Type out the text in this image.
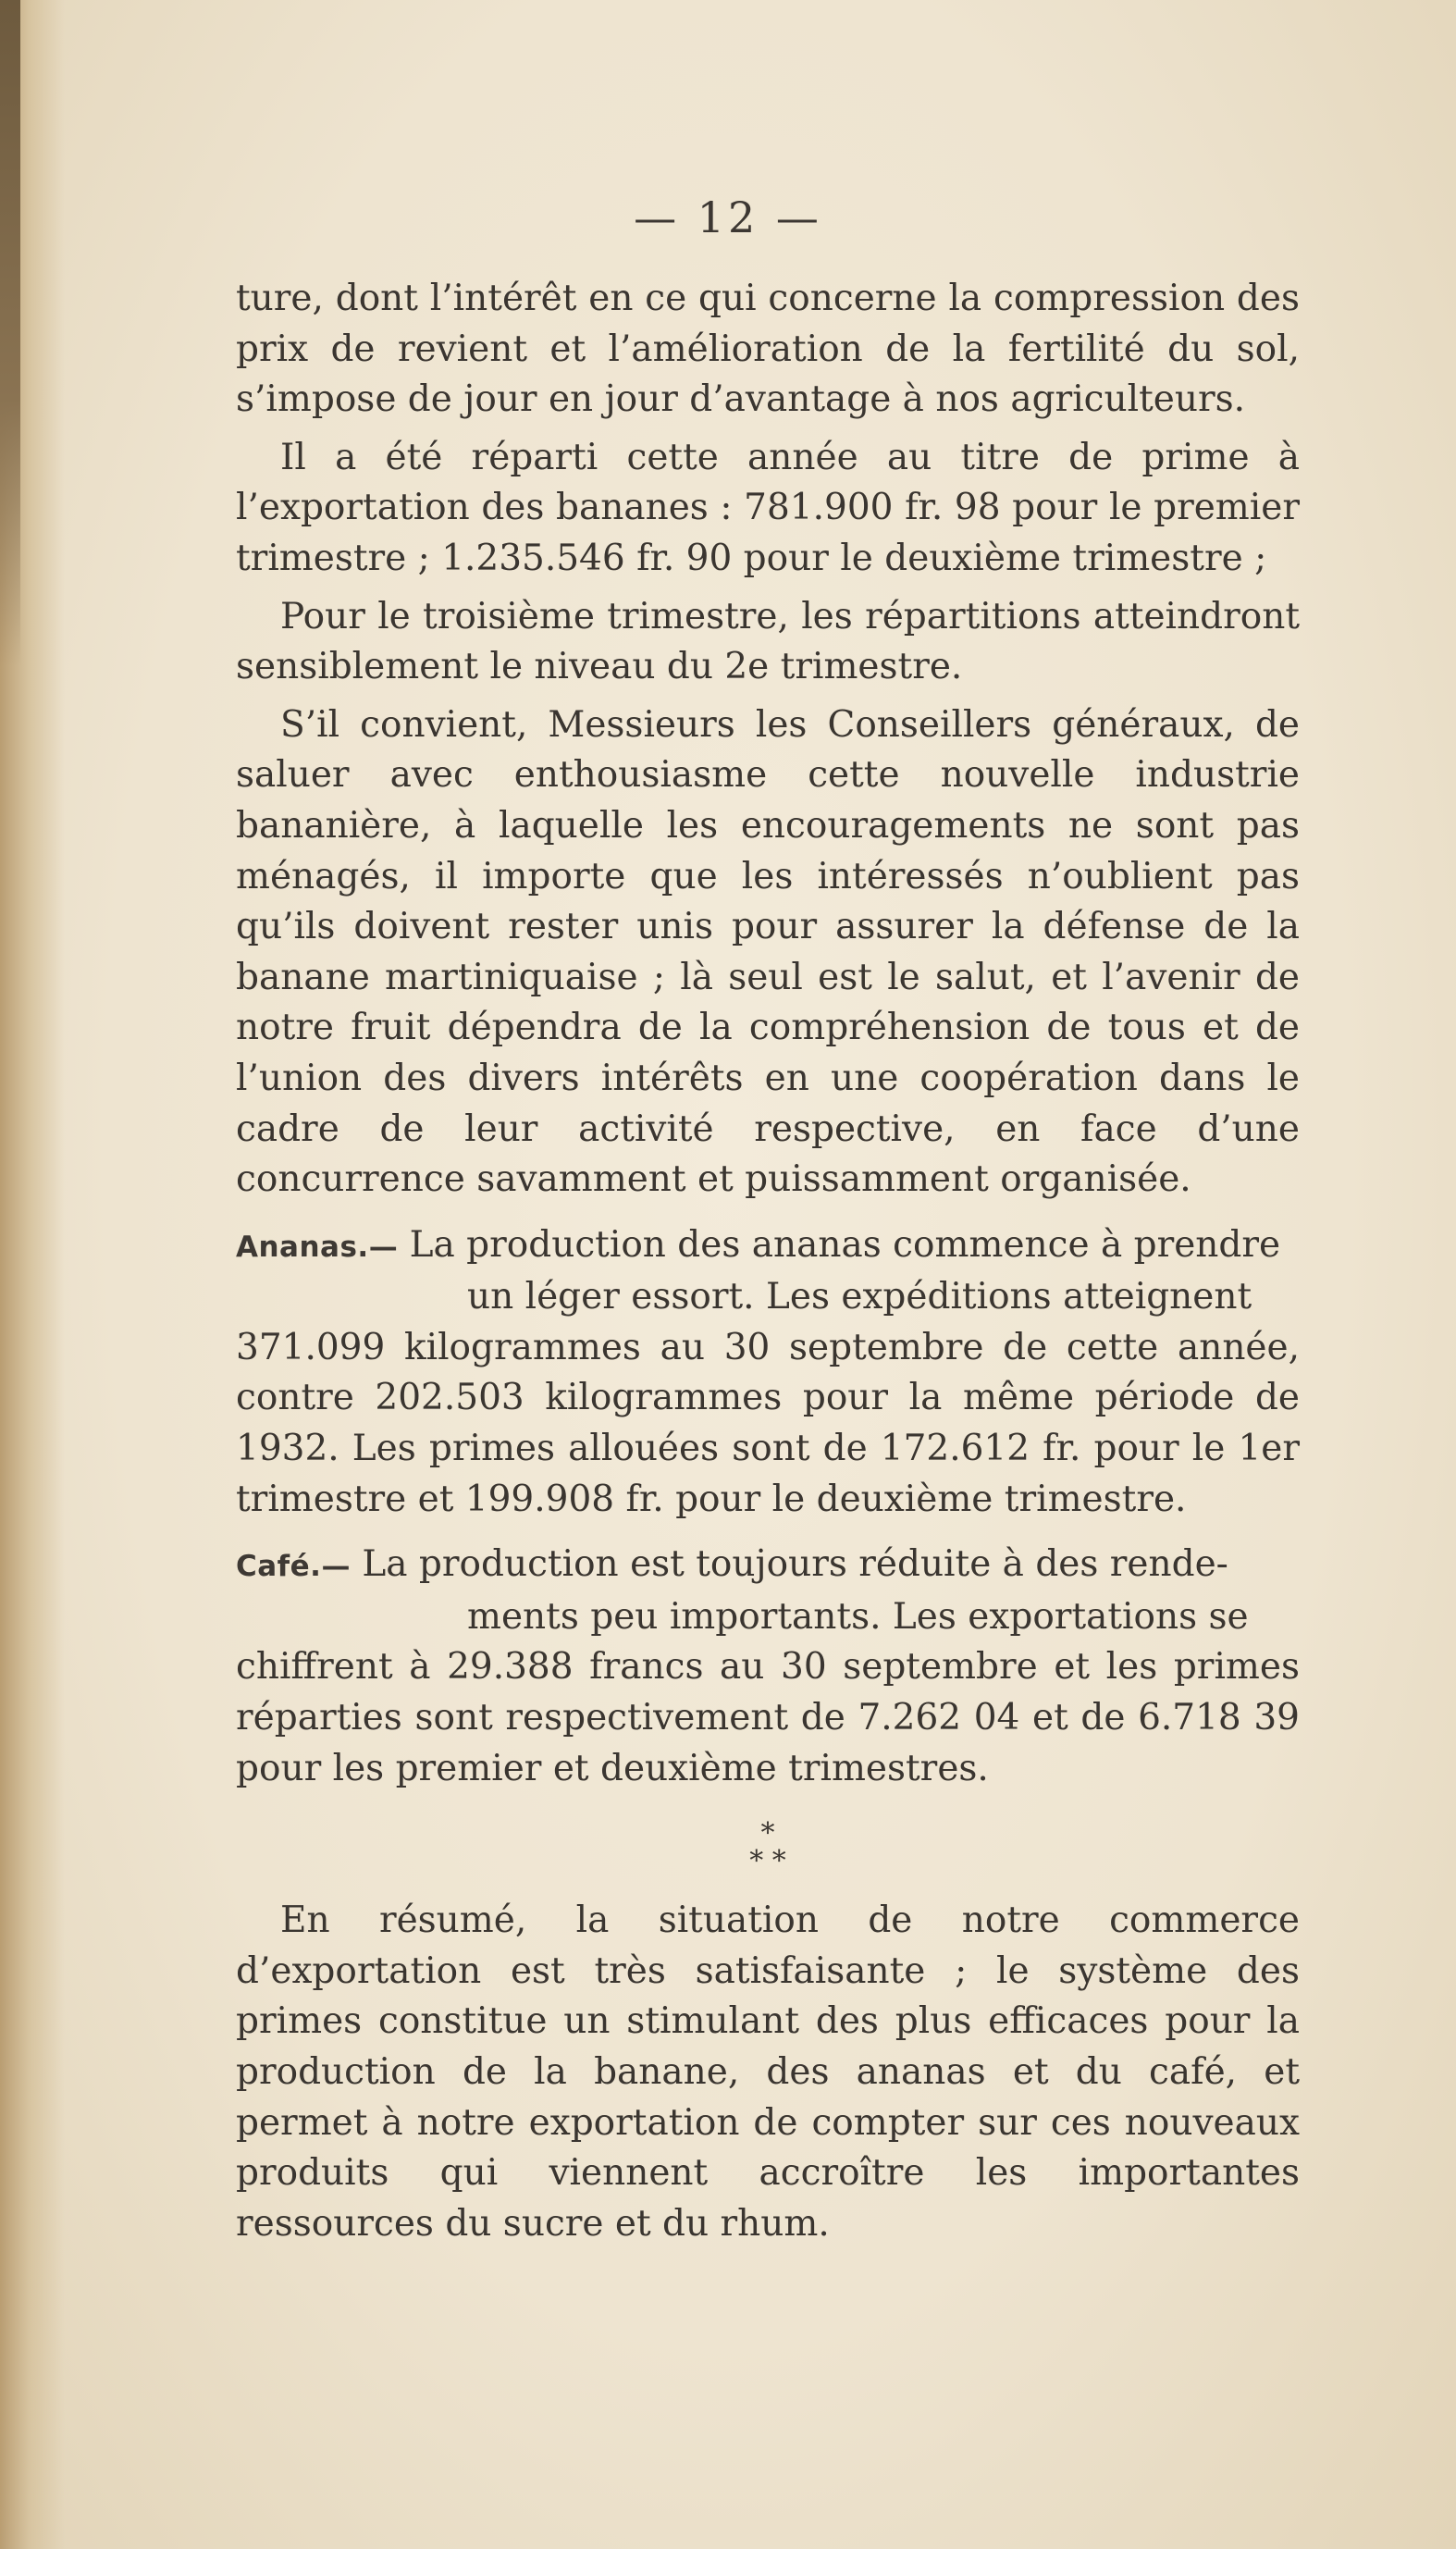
— 12 —

ture, dont l’intérêt en ce qui concerne la compression des prix de revient et l’amélioration de la fertilité du sol, s’impose de jour en jour d’avantage à nos agriculteurs.

Il a été réparti cette année au titre de prime à l’exportation des bananes : 781.900 fr. 98 pour le premier trimestre ; 1.235.546 fr. 90 pour le deuxième trimestre ;

Pour le troisième trimestre, les répartitions atteindront sensiblement le niveau du 2e trimestre.

S’il convient, Messieurs les Conseillers généraux, de saluer avec enthousiasme cette nouvelle industrie bananière, à laquelle les encouragements ne sont pas ménagés, il importe que les intéressés n’oublient pas qu’ils doivent rester unis pour assurer la défense de la banane martiniquaise ; là seul est le salut, et l’avenir de notre fruit dépendra de la compréhension de tous et de l’union des divers intérêts en une coopération dans le cadre de leur activité respective, en face d’une concurrence savamment et puissamment organisée.

Ananas.— La production des ananas commence à prendre
un léger essort. Les expéditions atteignent
371.099 kilogrammes au 30 septembre de cette année, contre 202.503 kilogrammes pour la même période de 1932. Les primes allouées sont de 172.612 fr. pour le 1er trimestre et 199.908 fr. pour le deuxième trimestre.

Café.— La production est toujours réduite à des rende-
ments peu importants. Les exportations se
chiffrent à 29.388 francs au 30 septembre et les primes réparties sont respectivement de 7.262 04 et de 6.718 39 pour les premier et deuxième trimestres.

*
* *

En résumé, la situation de notre commerce d’exportation est très satisfaisante ; le système des primes constitue un stimulant des plus efficaces pour la production de la banane, des ananas et du café, et permet à notre exportation de compter sur ces nouveaux produits qui viennent accroître les importantes ressources du sucre et du rhum.
